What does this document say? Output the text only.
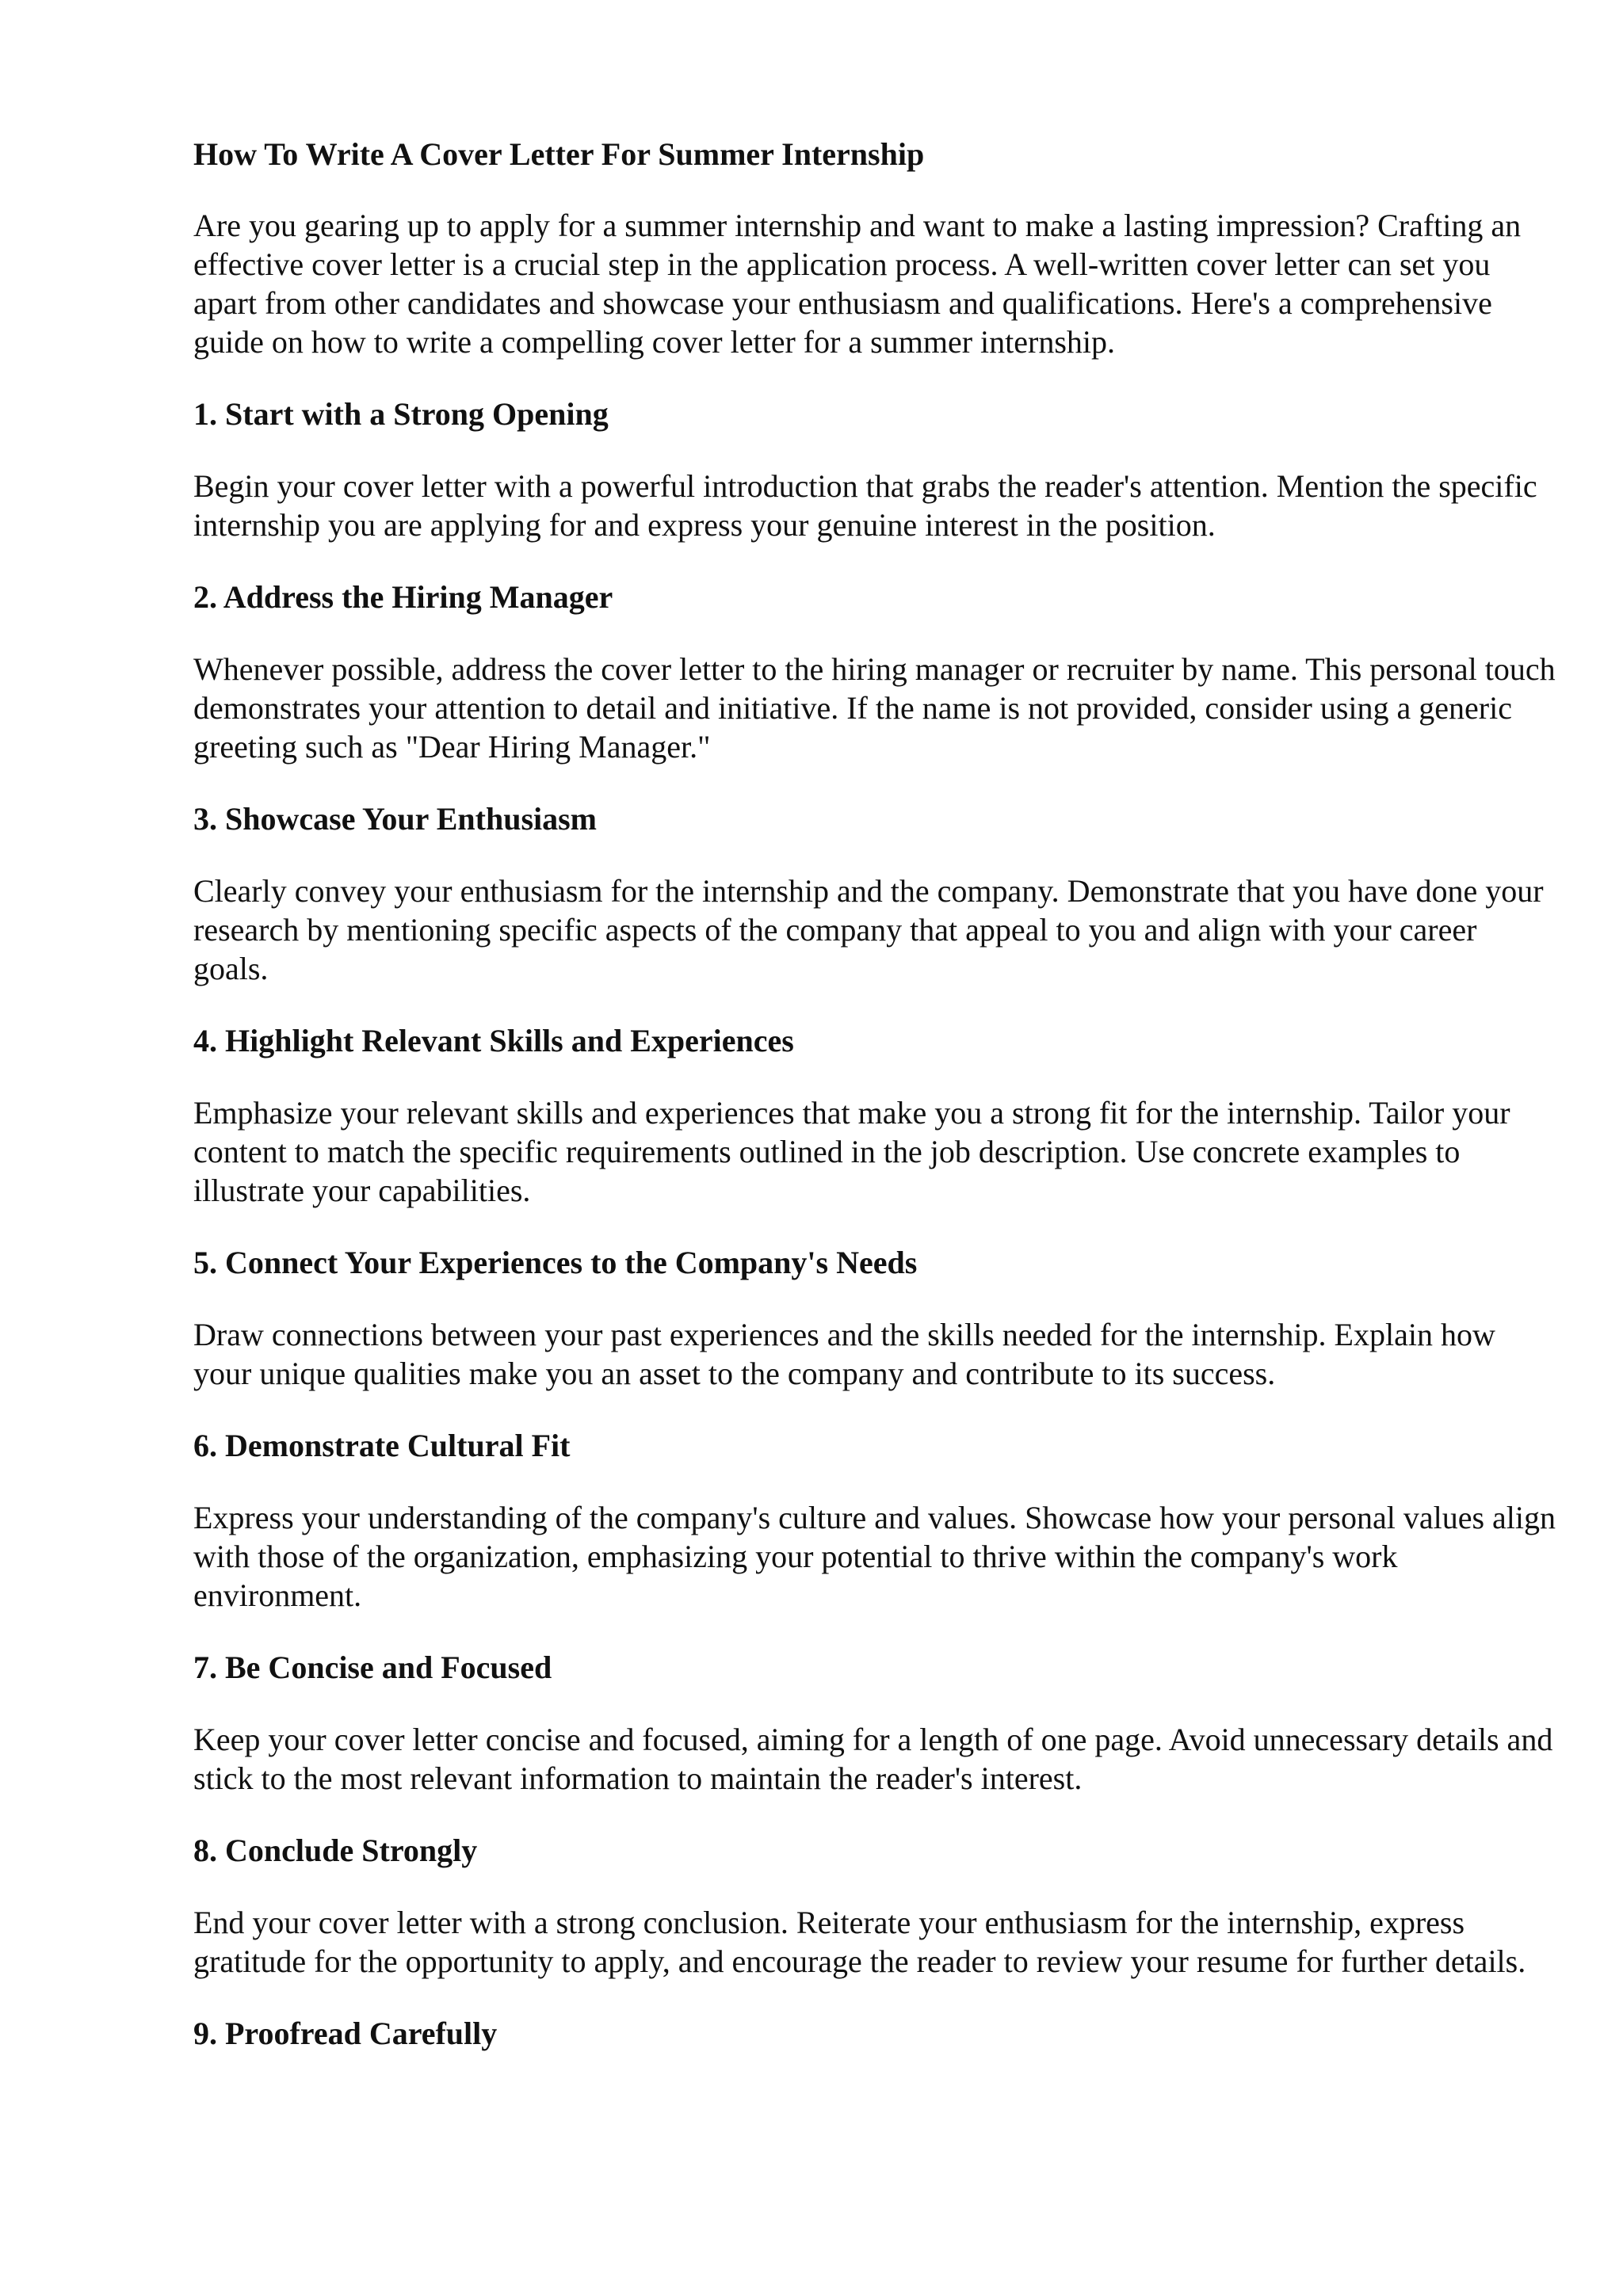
How To Write A Cover Letter For Summer Internship

Are you gearing up to apply for a summer internship and want to make a lasting impression? Crafting an effective cover letter is a crucial step in the application process. A well-written cover letter can set you apart from other candidates and showcase your enthusiasm and qualifications. Here's a comprehensive guide on how to write a compelling cover letter for a summer internship.

1. Start with a Strong Opening

Begin your cover letter with a powerful introduction that grabs the reader's attention. Mention the specific internship you are applying for and express your genuine interest in the position.

2. Address the Hiring Manager

Whenever possible, address the cover letter to the hiring manager or recruiter by name. This personal touch demonstrates your attention to detail and initiative. If the name is not provided, consider using a generic greeting such as "Dear Hiring Manager."

3. Showcase Your Enthusiasm

Clearly convey your enthusiasm for the internship and the company. Demonstrate that you have done your research by mentioning specific aspects of the company that appeal to you and align with your career goals.

4. Highlight Relevant Skills and Experiences

Emphasize your relevant skills and experiences that make you a strong fit for the internship. Tailor your content to match the specific requirements outlined in the job description. Use concrete examples to illustrate your capabilities.

5. Connect Your Experiences to the Company's Needs

Draw connections between your past experiences and the skills needed for the internship. Explain how your unique qualities make you an asset to the company and contribute to its success.

6. Demonstrate Cultural Fit

Express your understanding of the company's culture and values. Showcase how your personal values align with those of the organization, emphasizing your potential to thrive within the company's work environment.

7. Be Concise and Focused

Keep your cover letter concise and focused, aiming for a length of one page. Avoid unnecessary details and stick to the most relevant information to maintain the reader's interest.

8. Conclude Strongly

End your cover letter with a strong conclusion. Reiterate your enthusiasm for the internship, express gratitude for the opportunity to apply, and encourage the reader to review your resume for further details.

9. Proofread Carefully
